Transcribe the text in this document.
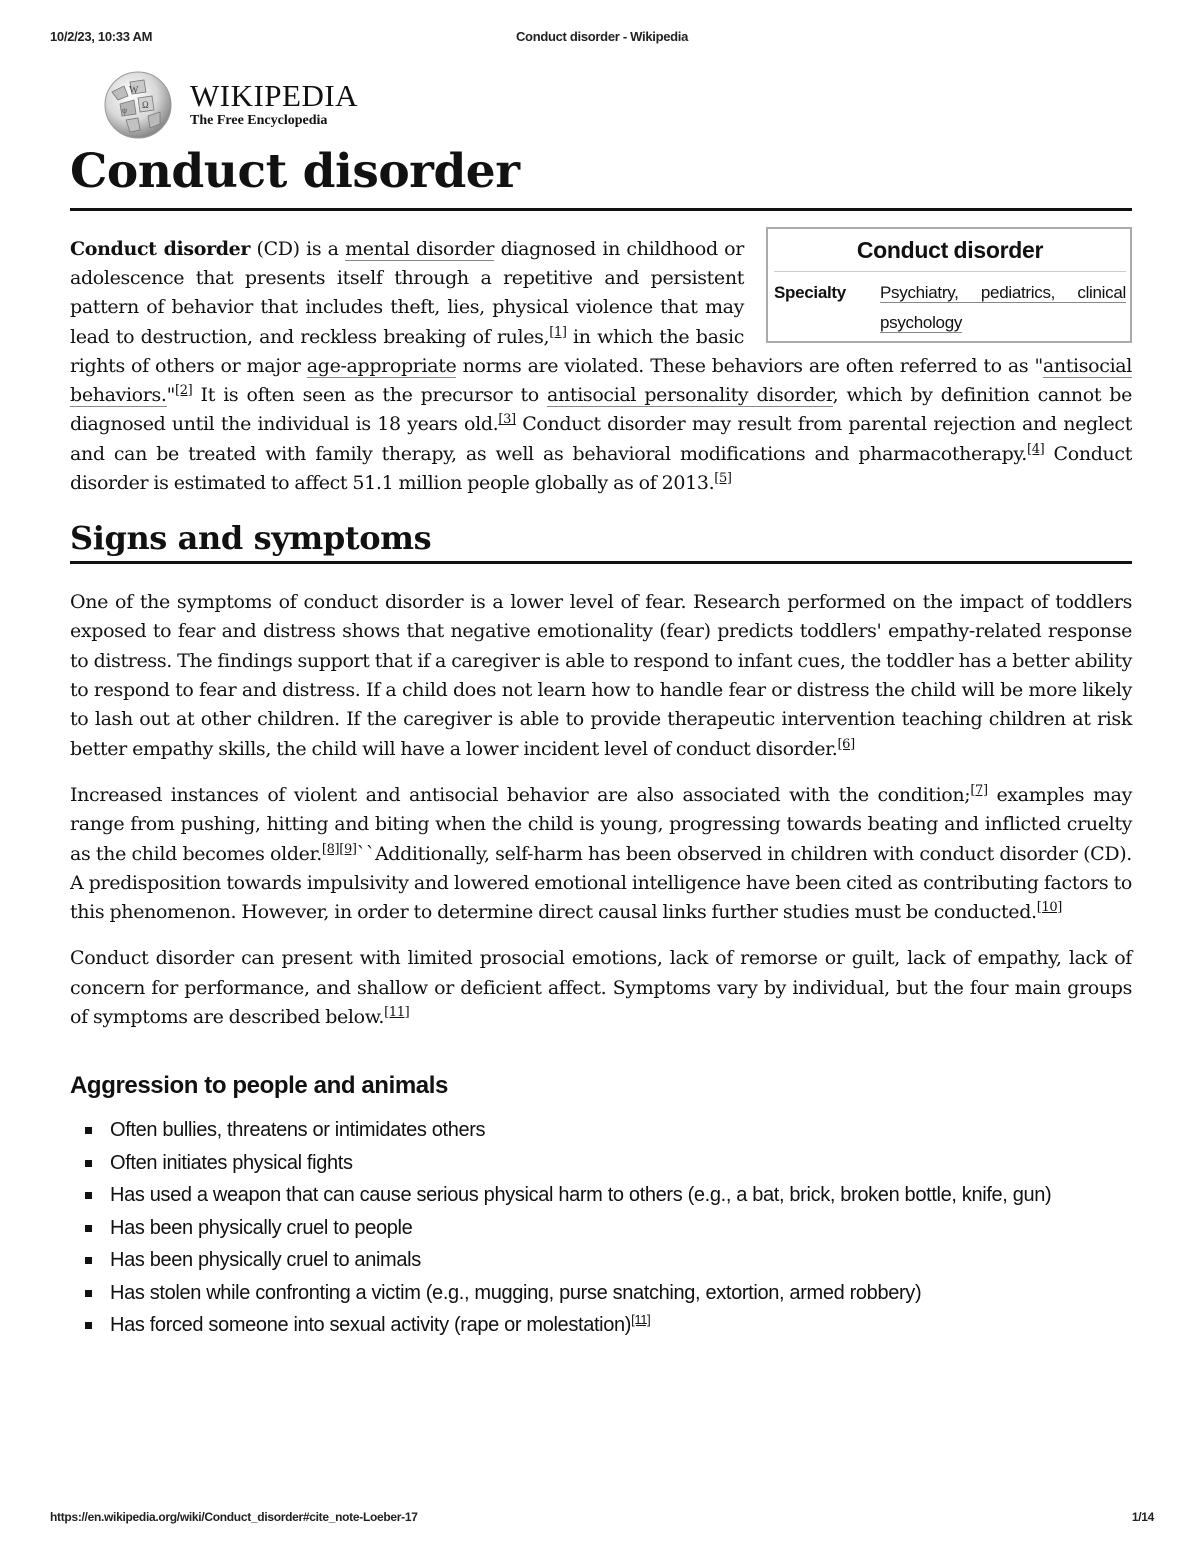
10/2/23, 10:33 AM	Conduct disorder - Wikipedia
W
Ω
ψ WIKIPEDIA
The Free Encyclopedia
Conduct disorder

Conduct disorder
Specialty	Psychiatry, pediatrics, clinical psychology
Conduct disorder (CD) is a mental disorder diagnosed in childhood or adolescence that presents itself through a repetitive and persistent pattern of behavior that includes theft, lies, physical violence that may lead to destruction, and reckless breaking of rules,[1] in which the basic rights of others or major age-appropriate norms are violated. These behaviors are often referred to as "antisocial behaviors."[2] It is often seen as the precursor to antisocial personality disorder, which by definition cannot be diagnosed until the individual is 18 years old.[3] Conduct disorder may result from parental rejection and neglect and can be treated with family therapy, as well as behavioral modifications and pharmacotherapy.[4] Conduct disorder is estimated to affect 51.1 million people globally as of 2013.[5]

Signs and symptoms

One of the symptoms of conduct disorder is a lower level of fear. Research performed on the impact of toddlers exposed to fear and distress shows that negative emotionality (fear) predicts toddlers' empathy-related response to distress. The findings support that if a caregiver is able to respond to infant cues, the toddler has a better ability to respond to fear and distress. If a child does not learn how to handle fear or distress the child will be more likely to lash out at other children. If the caregiver is able to provide therapeutic intervention teaching children at risk better empathy skills, the child will have a lower incident level of conduct disorder.[6]

Increased instances of violent and antisocial behavior are also associated with the condition;[7] examples may range from pushing, hitting and biting when the child is young, progressing towards beating and inflicted cruelty as the child becomes older.[8][9]``Additionally, self-harm has been observed in children with conduct disorder (CD). A predisposition towards impulsivity and lowered emotional intelligence have been cited as contributing factors to this phenomenon. However, in order to determine direct causal links further studies must be conducted.[10]

Conduct disorder can present with limited prosocial emotions, lack of remorse or guilt, lack of empathy, lack of concern for performance, and shallow or deficient affect. Symptoms vary by individual, but the four main groups of symptoms are described below.[11]

Aggression to people and animals
Often bullies, threatens or intimidates others
Often initiates physical fights
Has used a weapon that can cause serious physical harm to others (e.g., a bat, brick, broken bottle, knife, gun)
Has been physically cruel to people
Has been physically cruel to animals
Has stolen while confronting a victim (e.g., mugging, purse snatching, extortion, armed robbery)
Has forced someone into sexual activity (rape or molestation)[11]
https://en.wikipedia.org/wiki/Conduct_disorder#cite_note-Loeber-17	1/14
